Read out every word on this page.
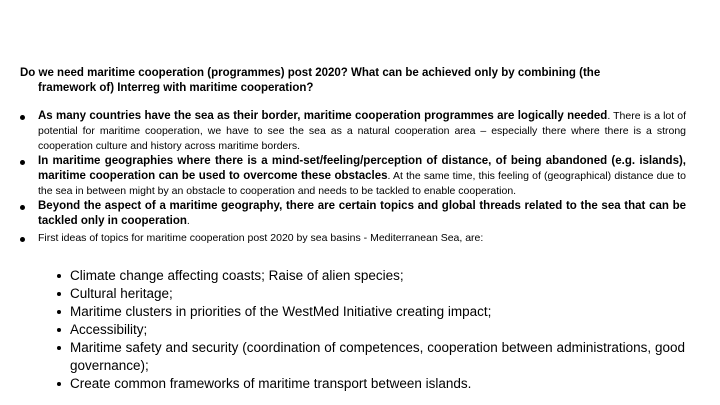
Do we need maritime cooperation (programmes) post 2020? What can be achieved only by combining (the
framework of) Interreg with maritime cooperation?
As many countries have the sea as their border, maritime cooperation programmes are logically needed. There is a lot of potential for maritime cooperation, we have to see the sea as a natural cooperation area – especially there where there is a strong cooperation culture and history across maritime borders.
In maritime geographies where there is a mind-set/feeling/perception of distance, of being abandoned (e.g. islands), maritime cooperation can be used to overcome these obstacles. At the same time, this feeling of (geographical) distance due to the sea in between might by an obstacle to cooperation and needs to be tackled to enable cooperation.
Beyond the aspect of a maritime geography, there are certain topics and global threads related to the sea that can be tackled only in cooperation.
First ideas of topics for maritime cooperation post 2020 by sea basins - Mediterranean Sea, are:
Climate change affecting coasts; Raise of alien species;
Cultural heritage;
Maritime clusters in priorities of the WestMed Initiative creating impact;
Accessibility;
Maritime safety and security (coordination of competences, cooperation between administrations, good governance);
Create common frameworks of maritime transport between islands.
